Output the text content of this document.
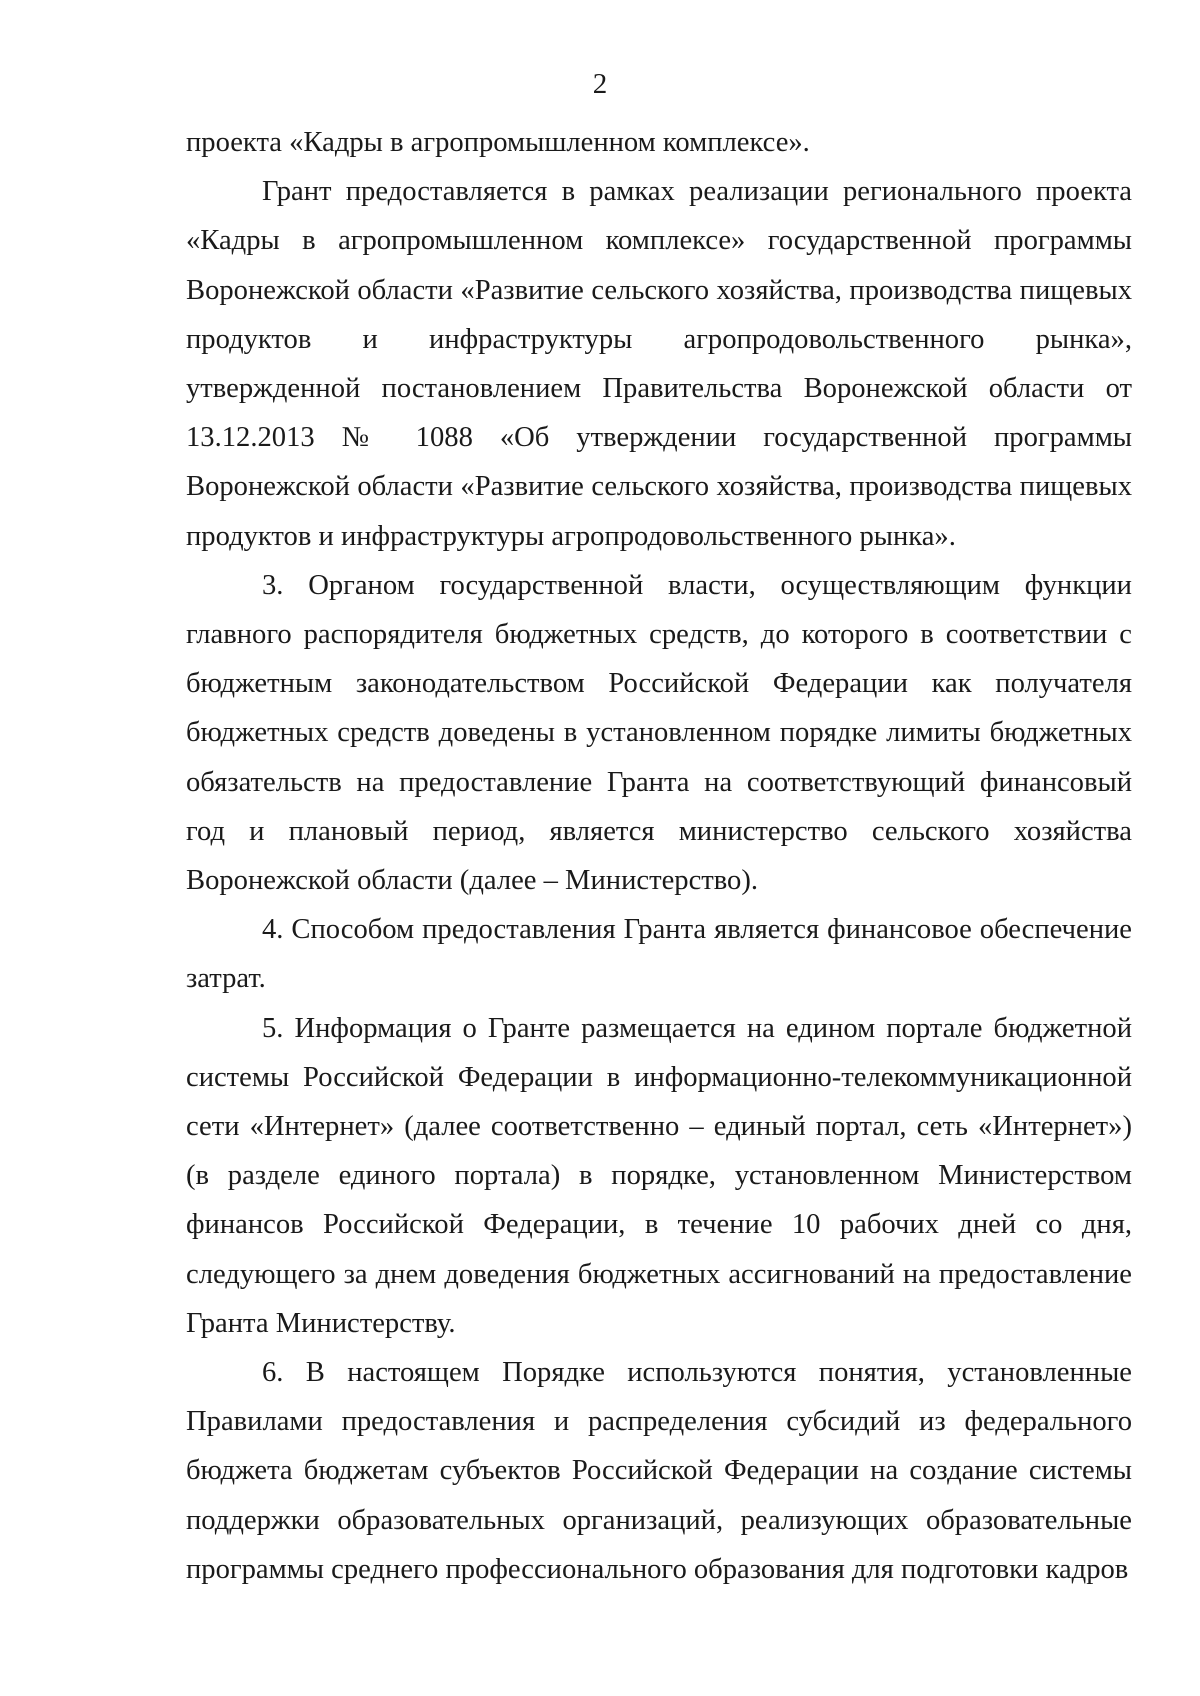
2

проекта «Кадры в агропромышленном комплексе».

Грант предоставляется в рамках реализации регионального проекта «Кадры в агропромышленном комплексе» государственной программы Воронежской области «Развитие сельского хозяйства, производства пищевых продуктов и инфраструктуры агропродовольственного рынка», утвержденной постановлением Правительства Воронежской области от 13.12.2013 № 1088 «Об утверждении государственной программы Воронежской области «Развитие сельского хозяйства, производства пищевых продуктов и инфраструктуры агропродовольственного рынка».

3. Органом государственной власти, осуществляющим функции главного распорядителя бюджетных средств, до которого в соответствии с бюджетным законодательством Российской Федерации как получателя бюджетных средств доведены в установленном порядке лимиты бюджетных обязательств на предоставление Гранта на соответствующий финансовый год и плановый период, является министерство сельского хозяйства Воронежской области (далее – Министерство).

4. Способом предоставления Гранта является финансовое обеспечение затрат.

5. Информация о Гранте размещается на едином портале бюджетной системы Российской Федерации в информационно-телекоммуникационной сети «Интернет» (далее соответственно – единый портал, сеть «Интернет») (в разделе единого портала) в порядке, установленном Министерством финансов Российской Федерации, в течение 10 рабочих дней со дня, следующего за днем доведения бюджетных ассигнований на предоставление Гранта Министерству.

6. В настоящем Порядке используются понятия, установленные Правилами предоставления и распределения субсидий из федерального бюджета бюджетам субъектов Российской Федерации на создание системы поддержки образовательных организаций, реализующих образовательные программы среднего профессионального образования для подготовки кадров
